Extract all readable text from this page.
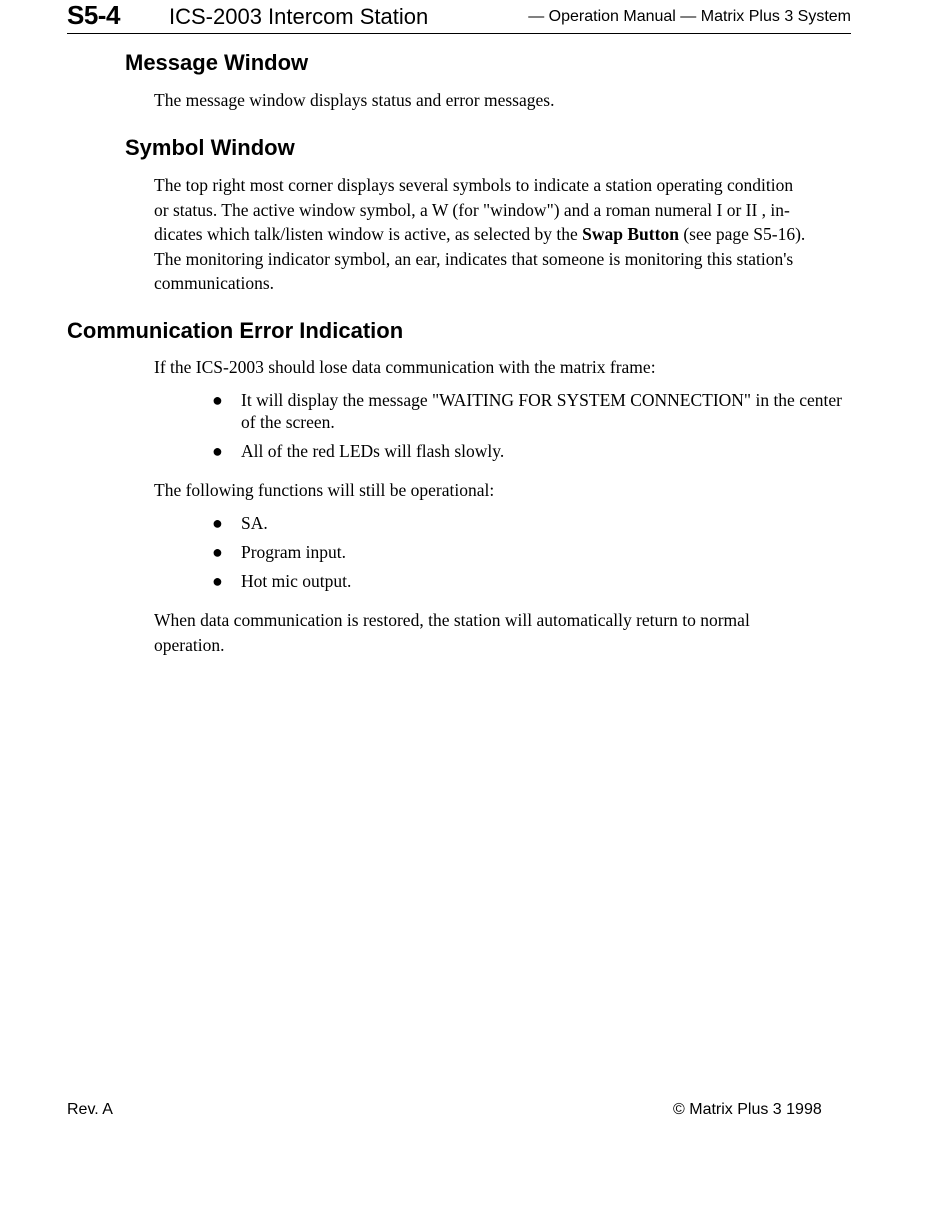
S5-4 ICS-2003 Intercom Station	— Operation Manual — Matrix Plus 3 System
Message Window
The message window displays status and error messages.
Symbol Window
The top right most corner displays several symbols to indicate a station operating condition
or status. The active window symbol, a W (for "window") and a roman numeral I or II , in-
dicates which talk/listen window is active, as selected by the Swap Button (see page S5-16).
The monitoring indicator symbol, an ear, indicates that someone is monitoring this station's
communications.
Communication Error Indication
If the ICS-2003 should lose data communication with the matrix frame:
● It will display the message "WAITING FOR SYSTEM CONNECTION" in the center of the screen.
● All of the red LEDs will flash slowly.
The following functions will still be operational:
● SA.
● Program input.
● Hot mic output.
When data communication is restored, the station will automatically return to normal operation.
Rev. A	© Matrix Plus 3 1998
